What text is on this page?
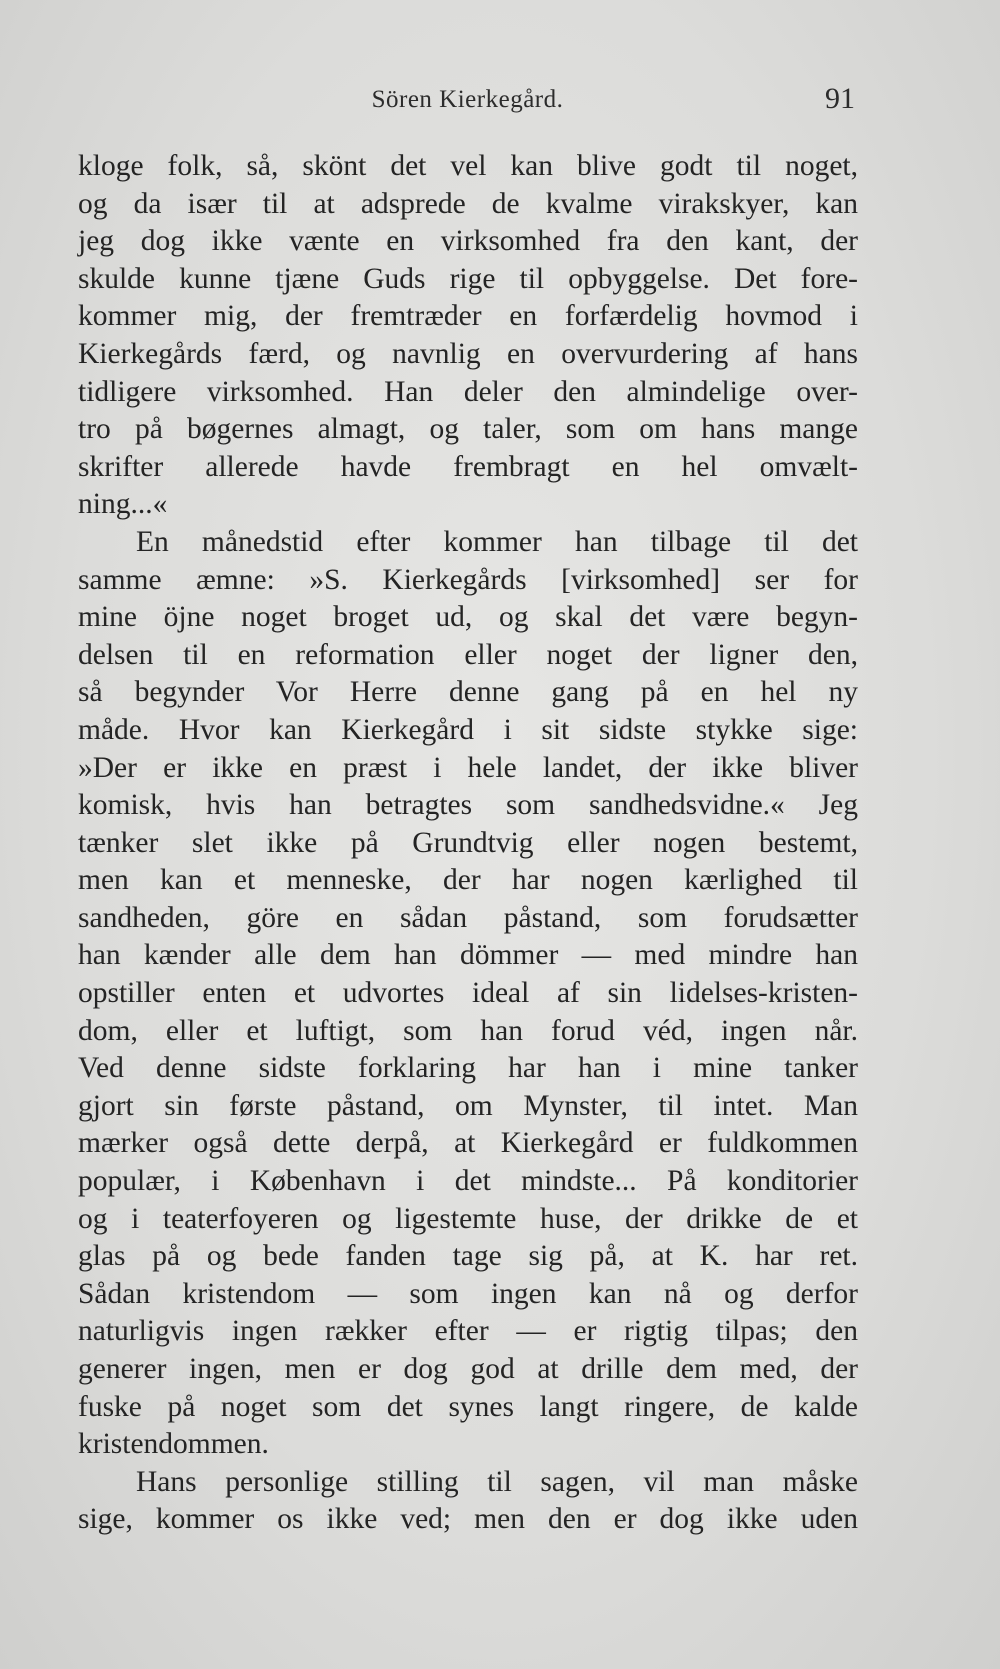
Sören Kierkegård.	91
kloge folk, så, skönt det vel kan blive godt til noget,
og da især til at adsprede de kvalme virakskyer, kan
jeg dog ikke vænte en virksomhed fra den kant, der
skulde kunne tjæne Guds rige til opbyggelse. Det fore-
kommer mig, der fremtræder en forfærdelig hovmod i
Kierkegårds færd, og navnlig en overvurdering af hans
tidligere virksomhed. Han deler den almindelige over-
tro på bøgernes almagt, og taler, som om hans mange
skrifter allerede havde frembragt en hel omvælt-
ning...«
En månedstid efter kommer han tilbage til det
samme æmne: »S. Kierkegårds [virksomhed] ser for
mine öjne noget broget ud, og skal det være begyn-
delsen til en reformation eller noget der ligner den,
så begynder Vor Herre denne gang på en hel ny
måde. Hvor kan Kierkegård i sit sidste stykke sige:
»Der er ikke en præst i hele landet, der ikke bliver
komisk, hvis han betragtes som sandhedsvidne.« Jeg
tænker slet ikke på Grundtvig eller nogen bestemt,
men kan et menneske, der har nogen kærlighed til
sandheden, göre en sådan påstand, som forudsætter
han kænder alle dem han dömmer — med mindre han
opstiller enten et udvortes ideal af sin lidelses-kristen-
dom, eller et luftigt, som han forud véd, ingen når.
Ved denne sidste forklaring har han i mine tanker
gjort sin første påstand, om Mynster, til intet. Man
mærker også dette derpå, at Kierkegård er fuldkommen
populær, i København i det mindste... På konditorier
og i teaterfoyeren og ligestemte huse, der drikke de et
glas på og bede fanden tage sig på, at K. har ret.
Sådan kristendom — som ingen kan nå og derfor
naturligvis ingen rækker efter — er rigtig tilpas; den
generer ingen, men er dog god at drille dem med, der
fuske på noget som det synes langt ringere, de kalde
kristendommen.
Hans personlige stilling til sagen, vil man måske
sige, kommer os ikke ved; men den er dog ikke uden
